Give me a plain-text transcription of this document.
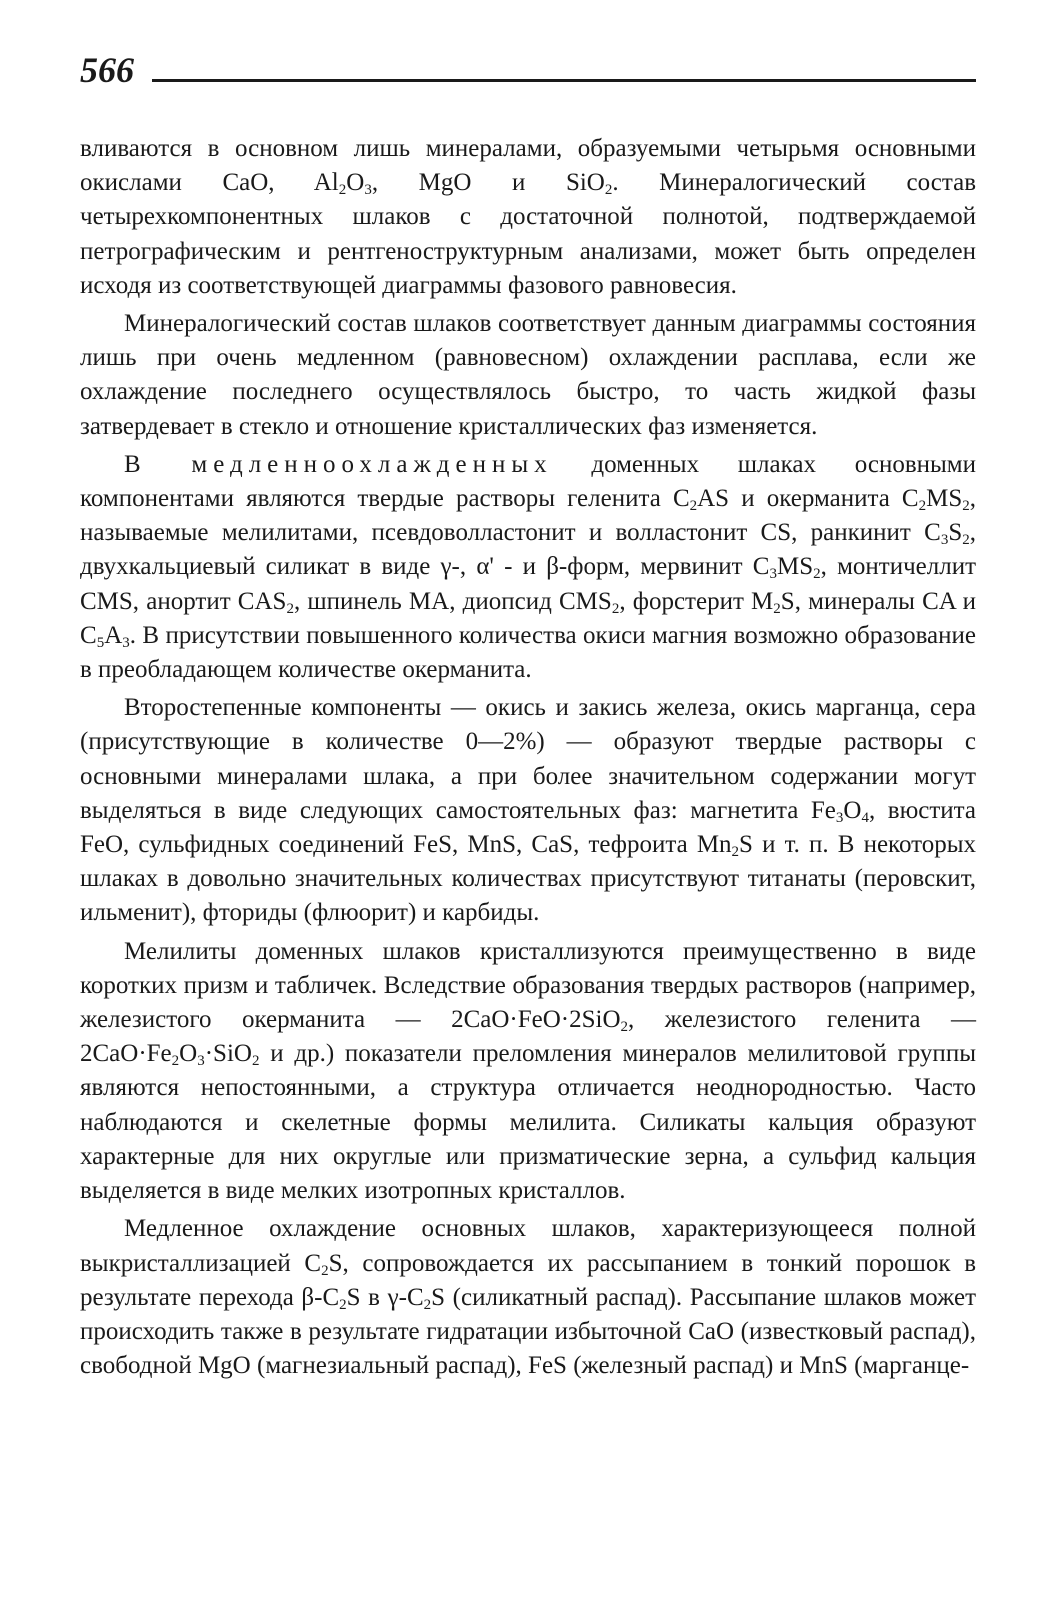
566

вливаются в основном лишь минералами, образуемыми четырьмя основными окислами CaO, $Al_2O_3$, MgO и SiO$_2$. Минералогический состав четырехкомпонентных шлаков с достаточной полнотой, подтверждаемой петрографическим и рентгеноструктурным анализами, может быть определен исходя из соответствующей диаграммы фазового равновесия.

Минералогический состав шлаков соответствует данным диаграммы состояния лишь при очень медленном (равновесном) охлаждении расплава, если же охлаждение последнего осуществлялось быстро, то часть жидкой фазы затвердевает в стекло и отношение кристаллических фаз изменяется.

В медленноохлажденных доменных шлаках основными компонентами являются твердые растворы геленита $C_2AS$ и окерманита $C_2MS_2$, называемые мелилитами, псевдоволластонит и волластонит CS, ранкинит $C_3S_2$, двухкальциевый силикат в виде γ-, α' - и β-форм, мервинит $C_3MS_2$, монтичеллит CMS, анортит $CAS_2$, шпинель MA, диопсид $CMS_2$, форстерит $M_2S$, минералы CA и $C_5A_3$. В присутствии повышенного количества окиси магния возможно образование в преобладающем количестве окерманита.

Второстепенные компоненты — окись и закись железа, окись марганца, сера (присутствующие в количестве 0—2%) — образуют твердые растворы с основными минералами шлака, а при более значительном содержании могут выделяться в виде следующих самостоятельных фаз: магнетита $Fe_3O_4$, вюстита FeO, сульфидных соединений FeS, MnS, CaS, тефроита $Mn_2S$ и т. п. В некоторых шлаках в довольно значительных количествах присутствуют титанаты (перовскит, ильменит), фториды (флюорит) и карбиды.

Мелилиты доменных шлаков кристаллизуются преимущественно в виде коротких призм и табличек. Вследствие образования твердых растворов (например, железистого окерманита — 2CaO·FeO·2SiO$_2$, железистого геленита — $2CaO\cdot Fe_2O_3\cdot SiO_2$ и др.) показатели преломления минералов мелилитовой группы являются непостоянными, а структура отличается неоднородностью. Часто наблюдаются и скелетные формы мелилита. Силикаты кальция образуют характерные для них округлые или призматические зерна, а сульфид кальция выделяется в виде мелких изотропных кристаллов.

Медленное охлаждение основных шлаков, характеризующееся полной выкристаллизацией $C_2S$, сопровождается их рассыпанием в тонкий порошок в результате перехода $\beta-C_2S$ в $\gamma-C_2S$ (силикатный распад). Рассыпание шлаков может происходить также в результате гидратации избыточной CaO (известковый распад), свободной MgO (магнезиальный распад), FeS (железный распад) и MnS (марганце-
